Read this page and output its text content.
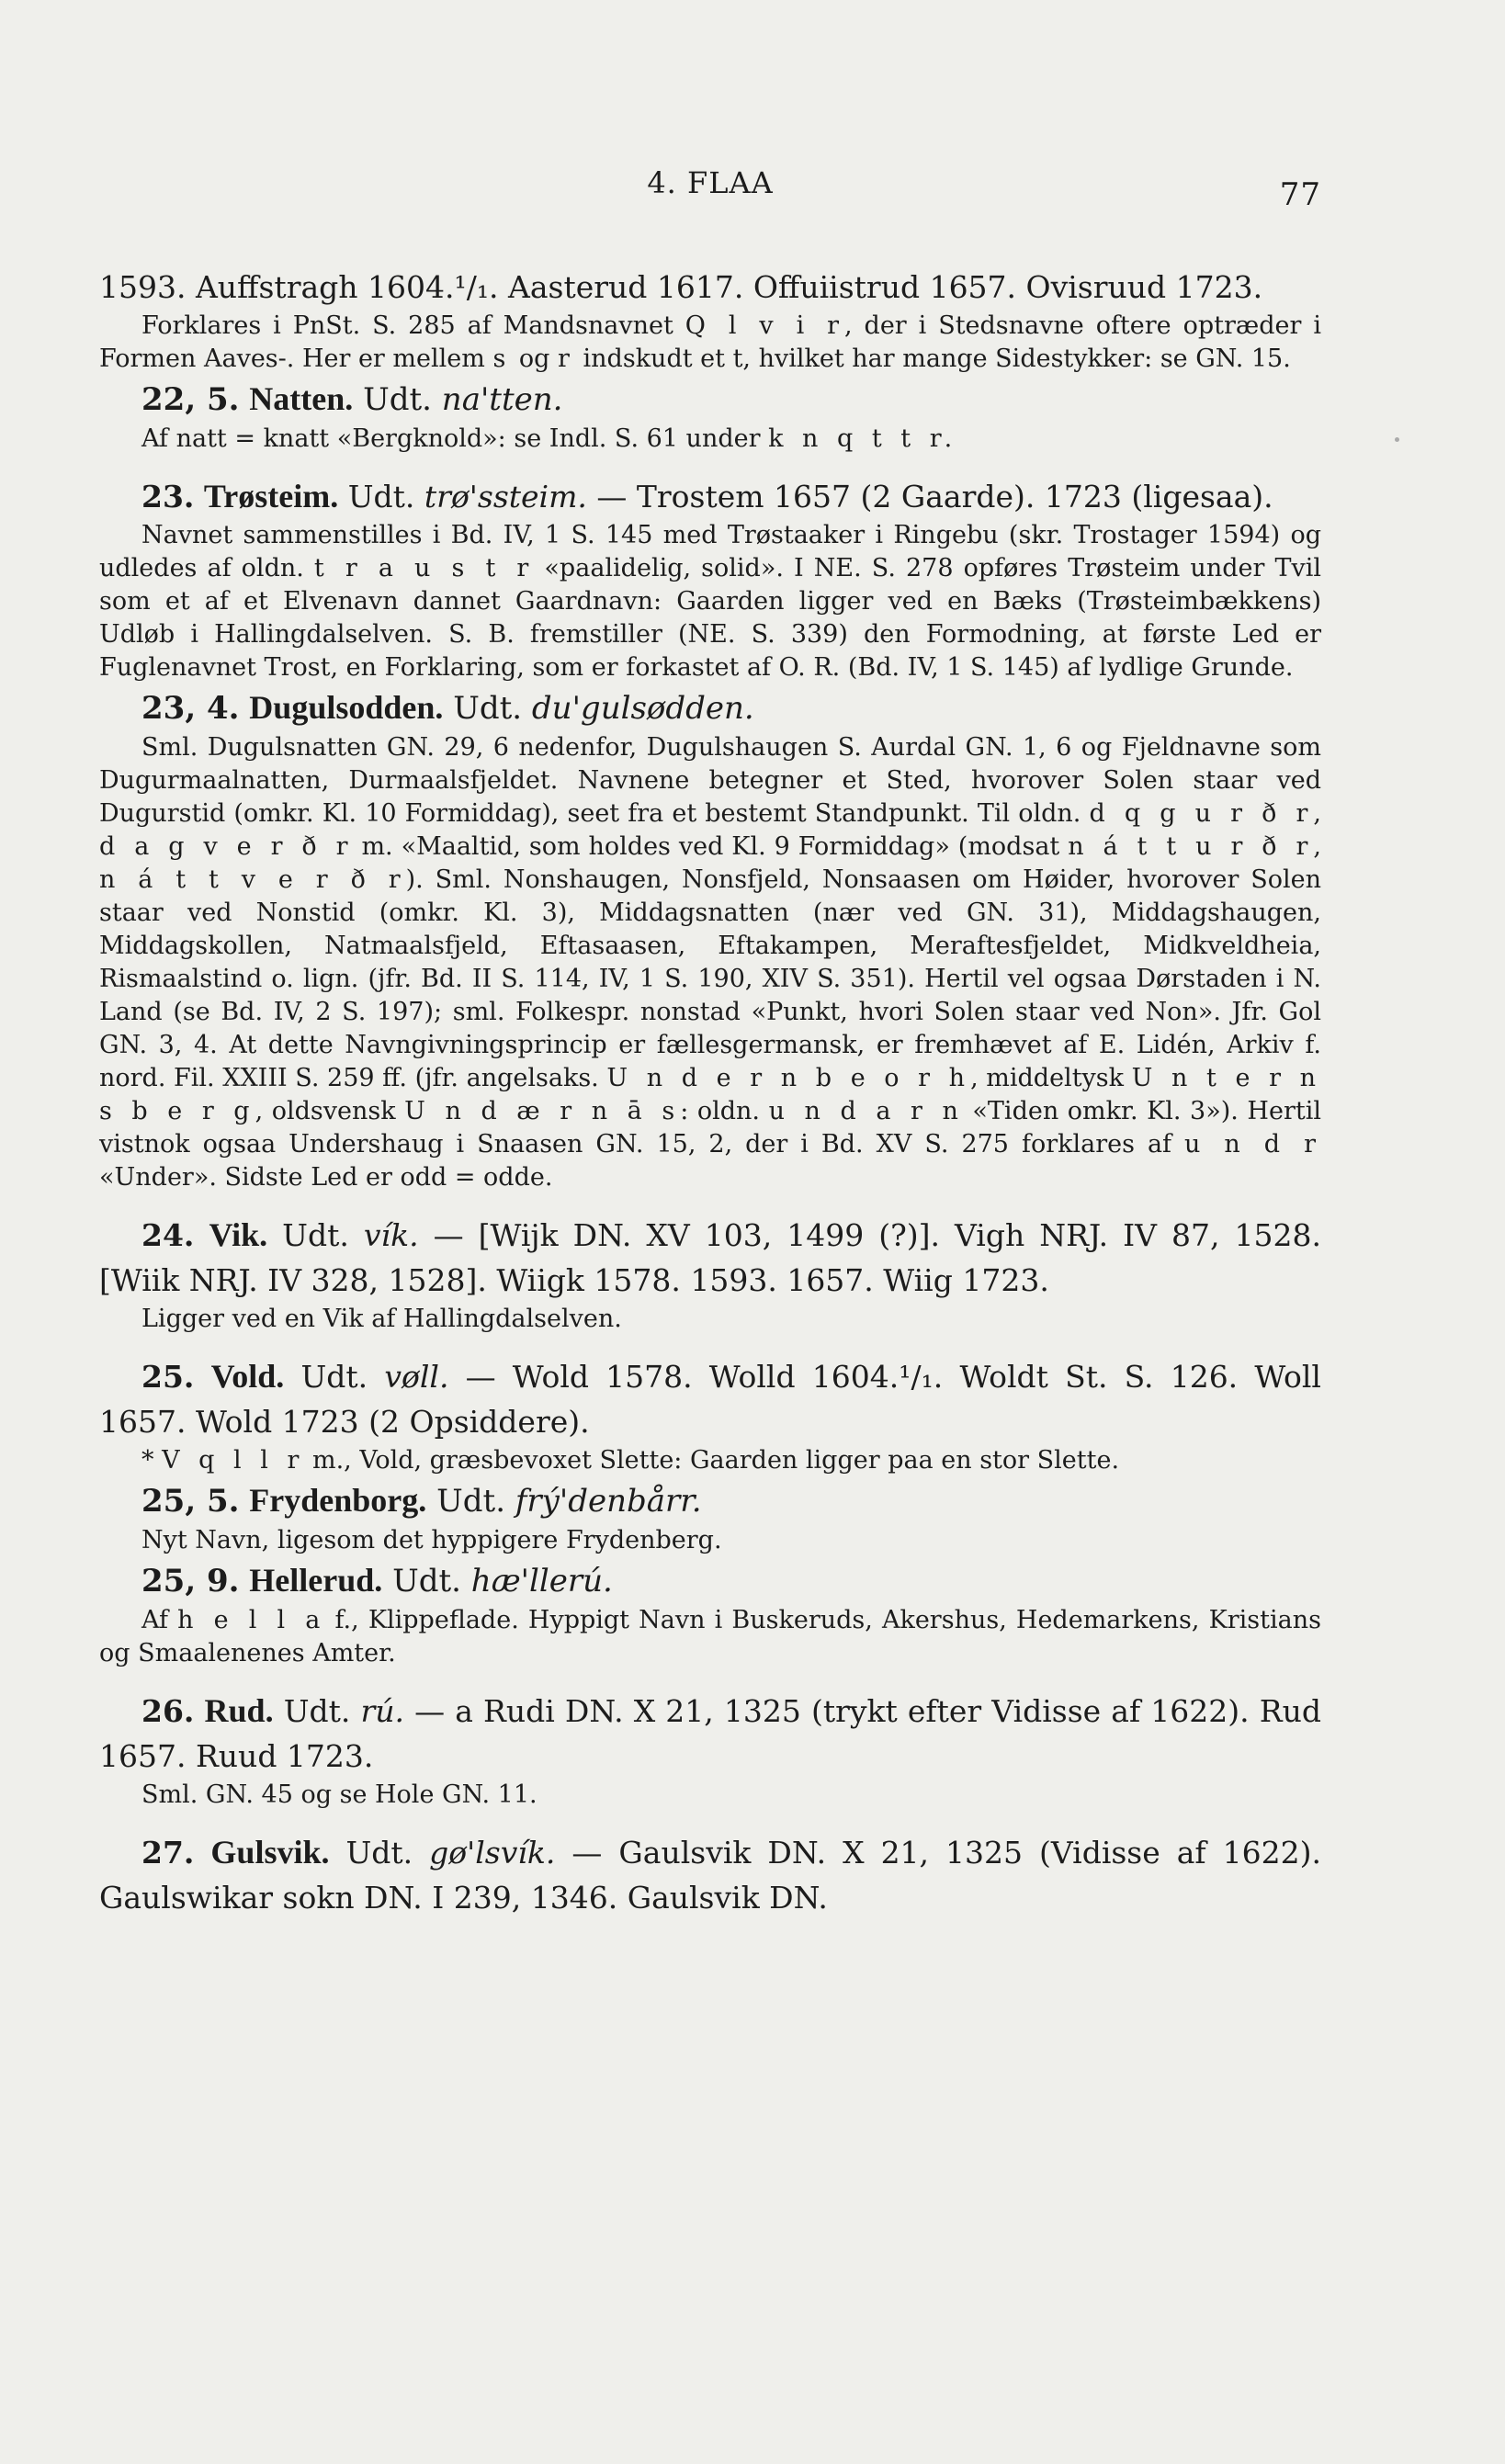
4. FLAA	77

1593. Auffstragh 1604.¹/₁. Aasterud 1617. Offuiistrud 1657. Ovisruud 1723.

Forklares i PnSt. S. 285 af Mandsnavnet Q l v i r, der i Stedsnavne oftere optræder i Formen Aaves-. Her er mellem s og r indskudt et t, hvilket har mange Sidestykker: se GN. 15.

22, 5. Natten. Udt. na'tten.

Af natt = knatt «Bergknold»: se Indl. S. 61 under k n q t t r.

23. Trøsteim. Udt. trø'ssteim. — Trostem 1657 (2 Gaarde). 1723 (ligesaa).

Navnet sammenstilles i Bd. IV, 1 S. 145 med Trøstaaker i Ringebu (skr. Trostager 1594) og udledes af oldn. t r a u s t r «paalidelig, solid». I NE. S. 278 opføres Trøsteim under Tvil som et af et Elvenavn dannet Gaardnavn: Gaarden ligger ved en Bæks (Trøsteimbækkens) Udløb i Hallingdalselven. S. B. fremstiller (NE. S. 339) den Formodning, at første Led er Fuglenavnet Trost, en Forklaring, som er forkastet af O. R. (Bd. IV, 1 S. 145) af lydlige Grunde.

23, 4. Dugulsodden. Udt. du'gulsødden.

Sml. Dugulsnatten GN. 29, 6 nedenfor, Dugulshaugen S. Aurdal GN. 1, 6 og Fjeldnavne som Dugurmaalnatten, Durmaalsfjeldet. Navnene betegner et Sted, hvorover Solen staar ved Dugurstid (omkr. Kl. 10 Formiddag), seet fra et bestemt Standpunkt. Til oldn. d q g u r ð r, d a g v e r ð r m. «Maaltid, som holdes ved Kl. 9 Formiddag» (modsat n á t t u r ð r, n á t t v e r ð r). Sml. Nonshaugen, Nonsfjeld, Nonsaasen om Høider, hvorover Solen staar ved Nonstid (omkr. Kl. 3), Middagsnatten (nær ved GN. 31), Middagshaugen, Middagskollen, Natmaalsfjeld, Eftasaasen, Eftakampen, Meraftesfjeldet, Midkveldheia, Rismaalstind o. lign. (jfr. Bd. II S. 114, IV, 1 S. 190, XIV S. 351). Hertil vel ogsaa Dørstaden i N. Land (se Bd. IV, 2 S. 197); sml. Folkespr. nonstad «Punkt, hvori Solen staar ved Non». Jfr. Gol GN. 3, 4. At dette Navngivningsprincip er fællesgermansk, er fremhævet af E. Lidén, Arkiv f. nord. Fil. XXIII S. 259 ff. (jfr. angelsaks. U n d e r n b e o r h, middeltysk U n t e r n s b e r g, oldsvensk U n d æ r n ā s: oldn. u n d a r n «Tiden omkr. Kl. 3»). Hertil vistnok ogsaa Undershaug i Snaasen GN. 15, 2, der i Bd. XV S. 275 forklares af u n d r «Under». Sidste Led er odd = odde.

24. Vik. Udt. vík. — [Wijk DN. XV 103, 1499 (?)]. Vigh NRJ. IV 87, 1528. [Wiik NRJ. IV 328, 1528]. Wiigk 1578. 1593. 1657. Wiig 1723.

Ligger ved en Vik af Hallingdalselven.

25. Vold. Udt. vøll. — Wold 1578. Wolld 1604.¹/₁. Woldt St. S. 126. Woll 1657. Wold 1723 (2 Opsiddere).

* V q l l r m., Vold, græsbevoxet Slette: Gaarden ligger paa en stor Slette.

25, 5. Frydenborg. Udt. frý'denbårr.

Nyt Navn, ligesom det hyppigere Frydenberg.

25, 9. Hellerud. Udt. hæ'llerú.

Af h e l l a f., Klippeflade. Hyppigt Navn i Buskeruds, Akershus, Hedemarkens, Kristians og Smaalenenes Amter.

26. Rud. Udt. rú. — a Rudi DN. X 21, 1325 (trykt efter Vidisse af 1622). Rud 1657. Ruud 1723.

Sml. GN. 45 og se Hole GN. 11.

27. Gulsvik. Udt. gø'lsvík. — Gaulsvik DN. X 21, 1325 (Vidisse af 1622). Gaulswikar sokn DN. I 239, 1346. Gaulsvik DN.
